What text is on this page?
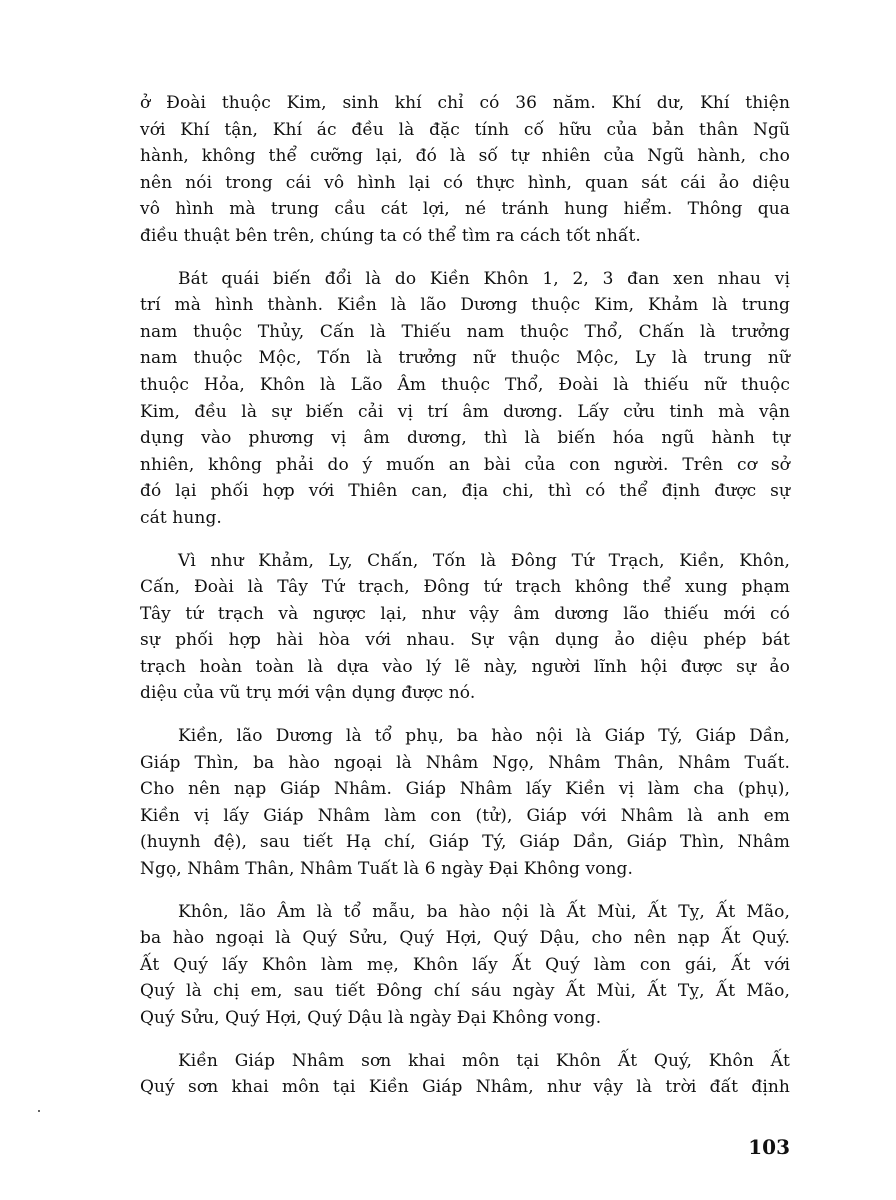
ở Đoài thuộc Kim, sinh khí chỉ có 36 năm. Khí dư, Khí thiện
với Khí tận, Khí ác đều là đặc tính cố hữu của bản thân Ngũ
hành, không thể cưỡng lại, đó là số tự nhiên của Ngũ hành, cho
nên nói trong cái vô hình lại có thực hình, quan sát cái ảo diệu
vô hình mà trung cầu cát lợi, né tránh hung hiểm. Thông qua
điều thuật bên trên, chúng ta có thể tìm ra cách tốt nhất.
Bát quái biến đổi là do Kiền Khôn 1, 2, 3 đan xen nhau vị
trí mà hình thành. Kiền là lão Dương thuộc Kim, Khảm là trung
nam thuộc Thủy, Cấn là Thiếu nam thuộc Thổ, Chấn là trưởng
nam thuộc Mộc, Tốn là trưởng nữ thuộc Mộc, Ly là trung nữ
thuộc Hỏa, Khôn là Lão Âm thuộc Thổ, Đoài là thiếu nữ thuộc
Kim, đều là sự biến cải vị trí âm dương. Lấy cửu tinh mà vận
dụng vào phương vị âm dương, thì là biến hóa ngũ hành tự
nhiên, không phải do ý muốn an bài của con người. Trên cơ sở
đó lại phối hợp với Thiên can, địa chi, thì có thể định được sự
cát hung.
Vì như Khảm, Ly, Chấn, Tốn là Đông Tứ Trạch, Kiền, Khôn,
Cấn, Đoài là Tây Tứ trạch, Đông tứ trạch không thể xung phạm
Tây tứ trạch và ngược lại, như vậy âm dương lão thiếu mới có
sự phối hợp hài hòa với nhau. Sự vận dụng ảo diệu phép bát
trạch hoàn toàn là dựa vào lý lẽ này, người lĩnh hội được sự ảo
diệu của vũ trụ mới vận dụng được nó.
Kiền, lão Dương là tổ phụ, ba hào nội là Giáp Tý, Giáp Dần,
Giáp Thìn, ba hào ngoại là Nhâm Ngọ, Nhâm Thân, Nhâm Tuất.
Cho nên nạp Giáp Nhâm. Giáp Nhâm lấy Kiền vị làm cha (phụ),
Kiền vị lấy Giáp Nhâm làm con (tử), Giáp với Nhâm là anh em
(huynh đệ), sau tiết Hạ chí, Giáp Tý, Giáp Dần, Giáp Thìn, Nhâm
Ngọ, Nhâm Thân, Nhâm Tuất là 6 ngày Đại Không vong.
Khôn, lão Âm là tổ mẫu, ba hào nội là Ất Mùi, Ất Tỵ, Ất Mão,
ba hào ngoại là Quý Sửu, Quý Hợi, Quý Dậu, cho nên nạp Ất Quý.
Ất Quý lấy Khôn làm mẹ, Khôn lấy Ất Quý làm con gái, Ất với
Quý là chị em, sau tiết Đông chí sáu ngày Ất Mùi, Ất Tỵ, Ất Mão,
Quý Sửu, Quý Hợi, Quý Dậu là ngày Đại Không vong.
Kiền Giáp Nhâm sơn khai môn tại Khôn Ất Quý, Khôn Ất
Quý sơn khai môn tại Kiền Giáp Nhâm, như vậy là trời đất định
103
